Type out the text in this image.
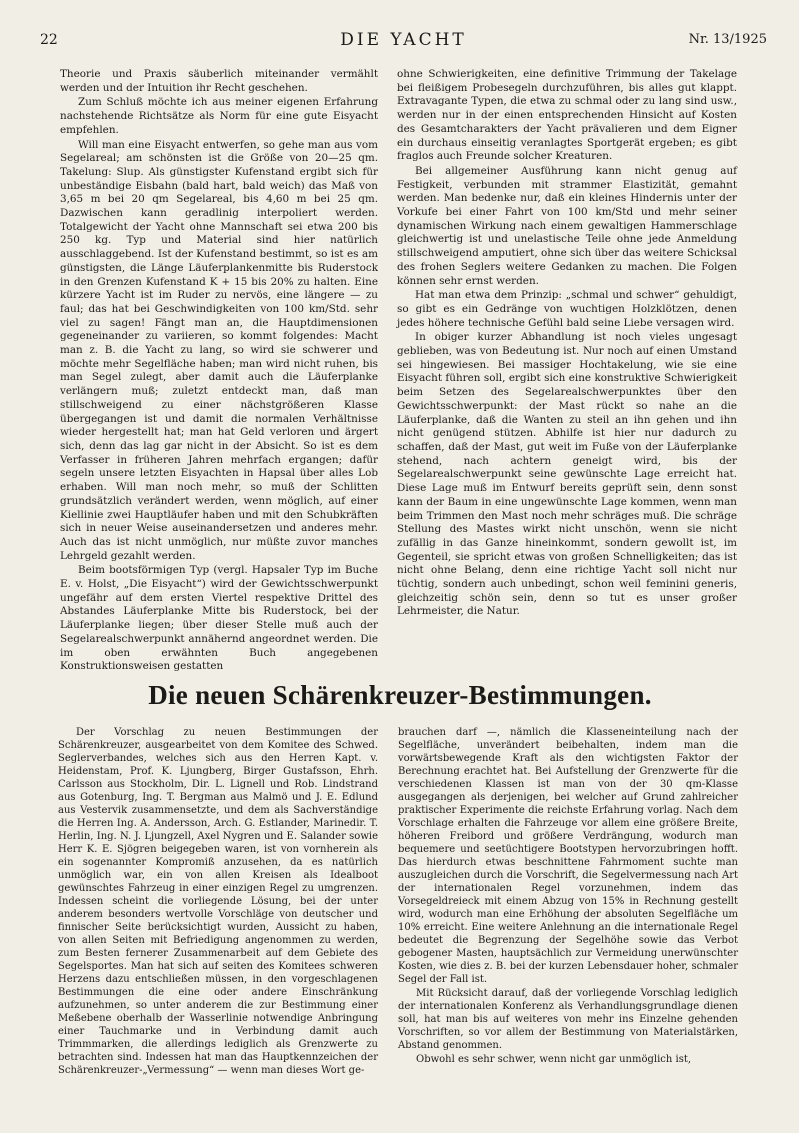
22	DIE YACHT	Nr. 13/1925

Theorie und Praxis säuberlich miteinander vermählt werden und der Intuition ihr Recht geschehen.

Zum Schluß möchte ich aus meiner eigenen Erfahrung nachstehende Richtsätze als Norm für eine gute Eisyacht empfehlen.

Will man eine Eisyacht entwerfen, so gehe man aus vom Segelareal; am schönsten ist die Größe von 20—25 qm. Takelung: Slup. Als günstigster Kufenstand ergibt sich für unbeständige Eisbahn (bald hart, bald weich) das Maß von 3,65 m bei 20 qm Segelareal, bis 4,60 m bei 25 qm. Dazwischen kann geradlinig interpoliert werden. Totalgewicht der Yacht ohne Mannschaft sei etwa 200 bis 250 kg. Typ und Material sind hier natürlich ausschlaggebend. Ist der Kufenstand bestimmt, so ist es am günstigsten, die Länge Läuferplankenmitte bis Ruderstock in den Grenzen Kufenstand K + 15 bis 20% zu halten. Eine kürzere Yacht ist im Ruder zu nervös, eine längere — zu faul; das hat bei Geschwindigkeiten von 100 km/Std. sehr viel zu sagen! Fängt man an, die Hauptdimensionen gegeneinander zu variieren, so kommt folgendes: Macht man z. B. die Yacht zu lang, so wird sie schwerer und möchte mehr Segelfläche haben; man wird nicht ruhen, bis man Segel zulegt, aber damit auch die Läuferplanke verlängern muß; zuletzt entdeckt man, daß man stillschweigend zu einer nächstgrößeren Klasse übergegangen ist und damit die normalen Verhältnisse wieder hergestellt hat; man hat Geld verloren und ärgert sich, denn das lag gar nicht in der Absicht. So ist es dem Verfasser in früheren Jahren mehrfach ergangen; dafür segeln unsere letzten Eisyachten in Hapsal über alles Lob erhaben. Will man noch mehr, so muß der Schlitten grundsätzlich verändert werden, wenn möglich, auf einer Kiellinie zwei Hauptläufer haben und mit den Schubkräften sich in neuer Weise auseinandersetzen und anderes mehr. Auch das ist nicht unmöglich, nur müßte zuvor manches Lehrgeld gezahlt werden.

Beim bootsförmigen Typ (vergl. Hapsaler Typ im Buche E. v. Holst, „Die Eisyacht“) wird der Gewichtsschwerpunkt ungefähr auf dem ersten Viertel respektive Drittel des Abstandes Läuferplanke Mitte bis Ruderstock, bei der Läuferplanke liegen; über dieser Stelle muß auch der Segelarealschwerpunkt annähernd angeordnet werden. Die im oben erwähnten Buch angegebenen Konstruktionsweisen gestatten

ohne Schwierigkeiten, eine definitive Trimmung der Takelage bei fleißigem Probesegeln durchzuführen, bis alles gut klappt. Extravagante Typen, die etwa zu schmal oder zu lang sind usw., werden nur in der einen entsprechenden Hinsicht auf Kosten des Gesamtcharakters der Yacht prävalieren und dem Eigner ein durchaus einseitig veranlagtes Sportgerät ergeben; es gibt fraglos auch Freunde solcher Kreaturen.

Bei allgemeiner Ausführung kann nicht genug auf Festigkeit, verbunden mit strammer Elastizität, gemahnt werden. Man bedenke nur, daß ein kleines Hindernis unter der Vorkufe bei einer Fahrt von 100 km/Std und mehr seiner dynamischen Wirkung nach einem gewaltigen Hammerschlage gleichwertig ist und unelastische Teile ohne jede Anmeldung stillschweigend amputiert, ohne sich über das weitere Schicksal des frohen Seglers weitere Gedanken zu machen. Die Folgen können sehr ernst werden.

Hat man etwa dem Prinzip: „schmal und schwer“ gehuldigt, so gibt es ein Gedränge von wuchtigen Holzklötzen, denen jedes höhere technische Gefühl bald seine Liebe versagen wird.

In obiger kurzer Abhandlung ist noch vieles ungesagt geblieben, was von Bedeutung ist. Nur noch auf einen Umstand sei hingewiesen. Bei massiger Hochtakelung, wie sie eine Eisyacht führen soll, ergibt sich eine konstruktive Schwierigkeit beim Setzen des Segelarealschwerpunktes über den Gewichtsschwerpunkt: der Mast rückt so nahe an die Läuferplanke, daß die Wanten zu steil an ihn gehen und ihn nicht genügend stützen. Abhilfe ist hier nur dadurch zu schaffen, daß der Mast, gut weit im Fuße von der Läuferplanke stehend, nach achtern geneigt wird, bis der Segelarealschwerpunkt seine gewünschte Lage erreicht hat. Diese Lage muß im Entwurf bereits geprüft sein, denn sonst kann der Baum in eine ungewünschte Lage kommen, wenn man beim Trimmen den Mast noch mehr schräges muß. Die schräge Stellung des Mastes wirkt nicht unschön, wenn sie nicht zufällig in das Ganze hineinkommt, sondern gewollt ist, im Gegenteil, sie spricht etwas von großen Schnelligkeiten; das ist nicht ohne Belang, denn eine richtige Yacht soll nicht nur tüchtig, sondern auch unbedingt, schon weil feminini generis, gleichzeitig schön sein, denn so tut es unser großer Lehrmeister, die Natur.

Die neuen Schärenkreuzer-Bestimmungen.

Der Vorschlag zu neuen Bestimmungen der Schärenkreuzer, ausgearbeitet von dem Komitee des Schwed. Seglerverbandes, welches sich aus den Herren Kapt. v. Heidenstam, Prof. K. Ljungberg, Birger Gustafsson, Ehrh. Carlsson aus Stockholm, Dir. L. Lignell und Rob. Lindstrand aus Gotenburg, Ing. T. Bergman aus Malmö und J. E. Edlund aus Vestervik zusammensetzte, und dem als Sachverständige die Herren Ing. A. Andersson, Arch. G. Estlander, Marinedir. T. Herlin, Ing. N. J. Ljungzell, Axel Nygren und E. Salander sowie Herr K. E. Sjögren beigegeben waren, ist von vornherein als ein sogenannter Kompromiß anzusehen, da es natürlich unmöglich war, ein von allen Kreisen als Idealboot gewünschtes Fahrzeug in einer einzigen Regel zu umgrenzen. Indessen scheint die vorliegende Lösung, bei der unter anderem besonders wertvolle Vorschläge von deutscher und finnischer Seite berücksichtigt wurden, Aussicht zu haben, von allen Seiten mit Befriedigung angenommen zu werden, zum Besten fernerer Zusammenarbeit auf dem Gebiete des Segelsportes. Man hat sich auf seiten des Komitees schweren Herzens dazu entschließen müssen, in den vorgeschlagenen Bestimmungen die eine oder andere Einschränkung aufzunehmen, so unter anderem die zur Bestimmung einer Meßebene oberhalb der Wasserlinie notwendige Anbringung einer Tauchmarke und in Verbindung damit auch Trimmmarken, die allerdings lediglich als Grenzwerte zu betrachten sind. Indessen hat man das Hauptkennzeichen der Schärenkreuzer-„Vermessung“ — wenn man dieses Wort ge-

brauchen darf —, nämlich die Klasseneinteilung nach der Segelfläche, unverändert beibehalten, indem man die vorwärtsbewegende Kraft als den wichtigsten Faktor der Berechnung erachtet hat. Bei Aufstellung der Grenzwerte für die verschiedenen Klassen ist man von der 30 qm-Klasse ausgegangen als derjenigen, bei welcher auf Grund zahlreicher praktischer Experimente die reichste Erfahrung vorlag. Nach dem Vorschlage erhalten die Fahrzeuge vor allem eine größere Breite, höheren Freibord und größere Verdrängung, wodurch man bequemere und seetüchtigere Bootstypen hervorzubringen hofft. Das hierdurch etwas beschnittene Fahrmoment suchte man auszugleichen durch die Vorschrift, die Segelvermessung nach Art der internationalen Regel vorzunehmen, indem das Vorsegeldreieck mit einem Abzug von 15% in Rechnung gestellt wird, wodurch man eine Erhöhung der absoluten Segelfläche um 10% erreicht. Eine weitere Anlehnung an die internationale Regel bedeutet die Begrenzung der Segelhöhe sowie das Verbot gebogener Masten, hauptsächlich zur Vermeidung unerwünschter Kosten, wie dies z. B. bei der kurzen Lebensdauer hoher, schmaler Segel der Fall ist.

Mit Rücksicht darauf, daß der vorliegende Vorschlag lediglich der internationalen Konferenz als Verhandlungsgrundlage dienen soll, hat man bis auf weiteres von mehr ins Einzelne gehenden Vorschriften, so vor allem der Bestimmung von Materialstärken, Abstand genommen.

Obwohl es sehr schwer, wenn nicht gar unmöglich ist,
